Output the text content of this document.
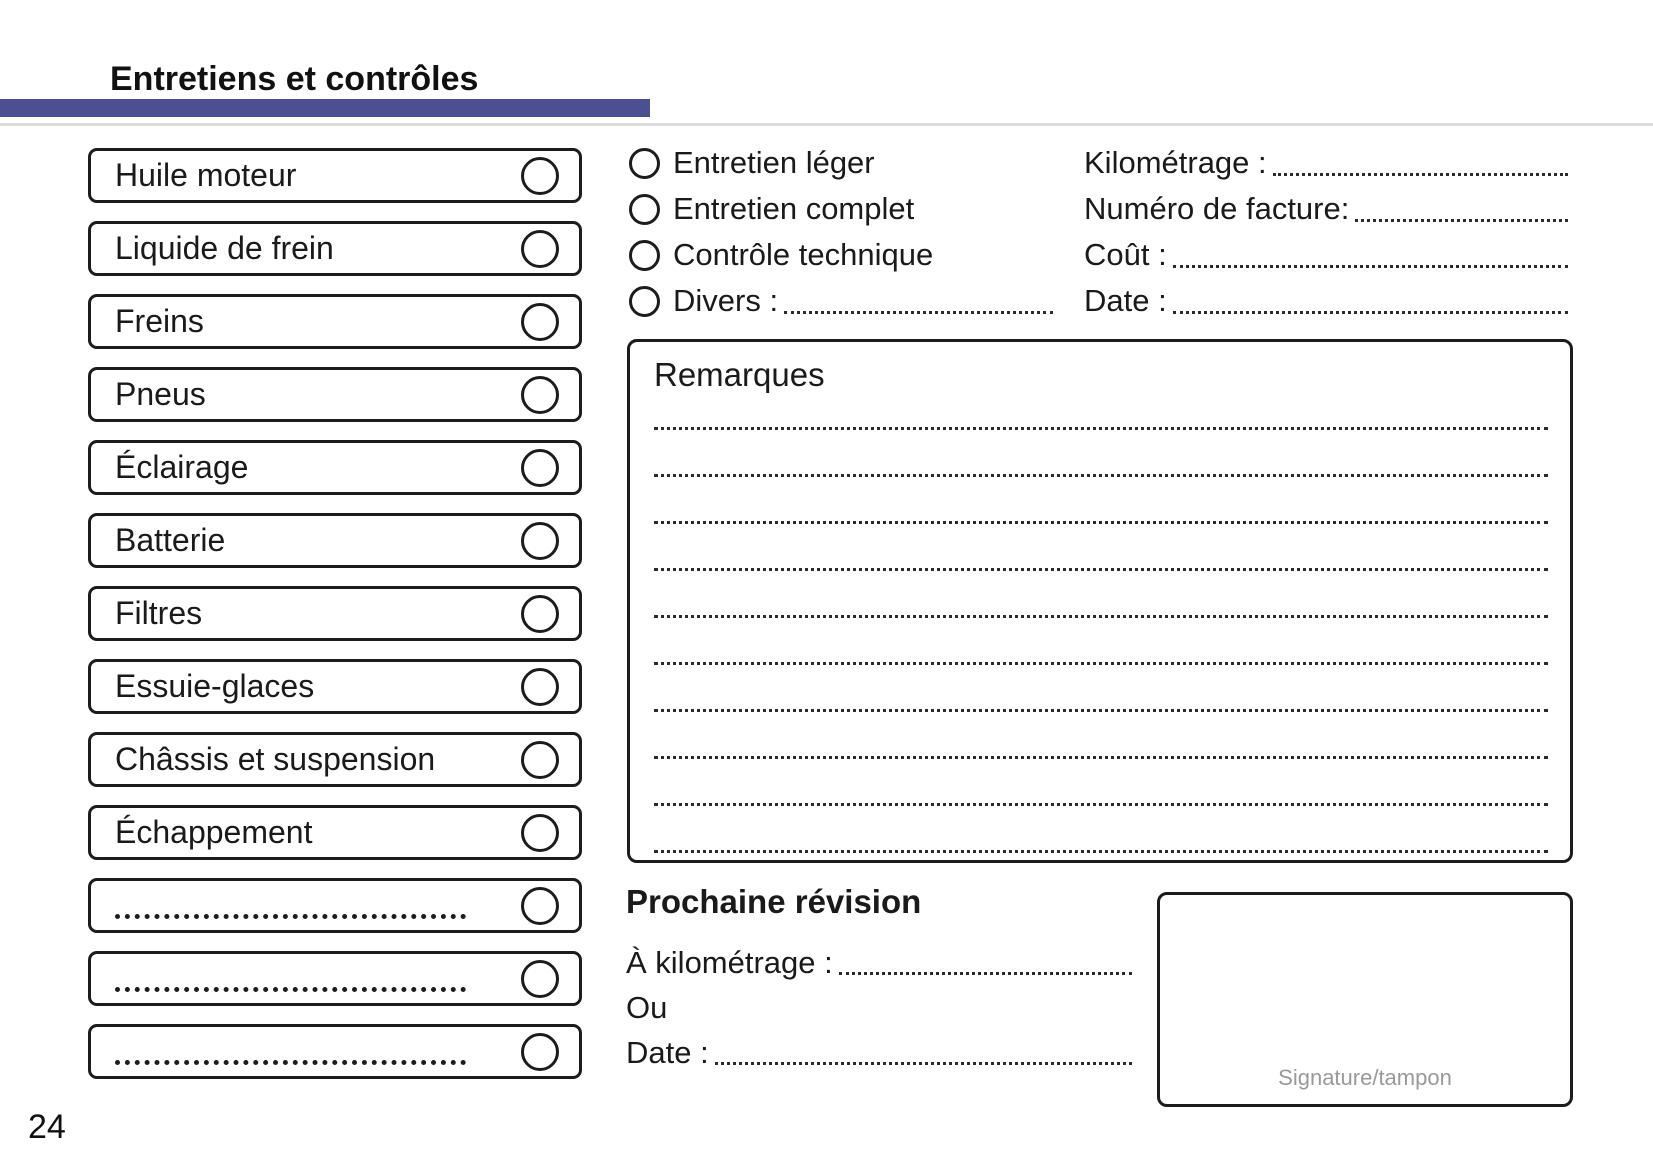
Entretiens et contrôles
Huile moteur
Liquide de frein
Freins
Pneus
Éclairage
Batterie
Filtres
Essuie-glaces
Châssis et suspension
Échappement
Entretien léger
Entretien complet
Contrôle technique
Divers :
Kilométrage :
Numéro de facture:
Coût :
Date :
Remarques
Prochaine révision
À kilométrage :
Ou
Date :
Signature/tampon
24
